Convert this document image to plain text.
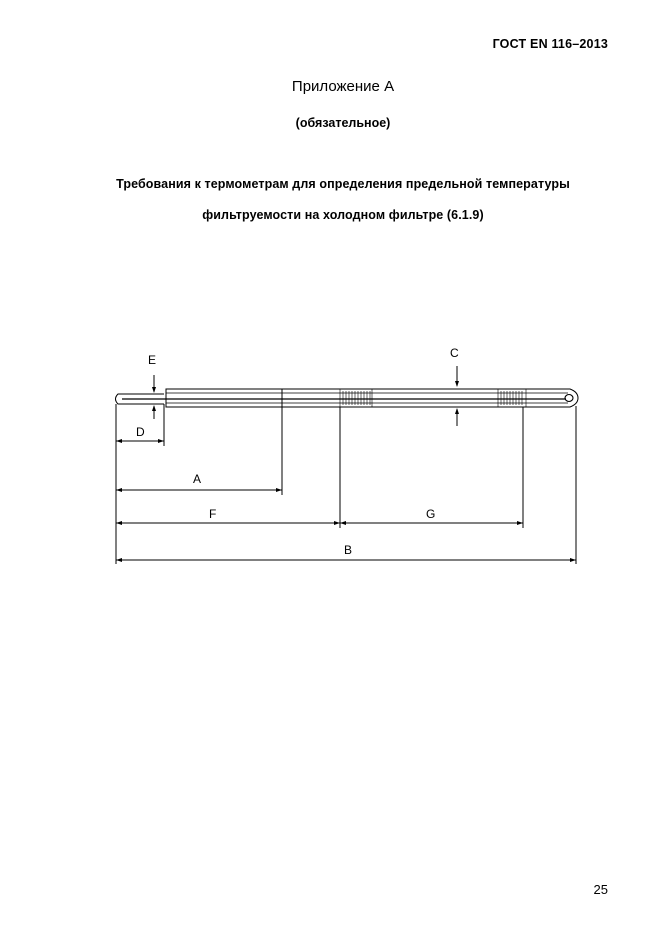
ГОСТ EN 116–2013
Приложение А
(обязательное)
Требования к термометрам для определения предельной температуры
фильтруемости на холодном фильтре (6.1.9)
E	C
D
A
F	G
B
25
